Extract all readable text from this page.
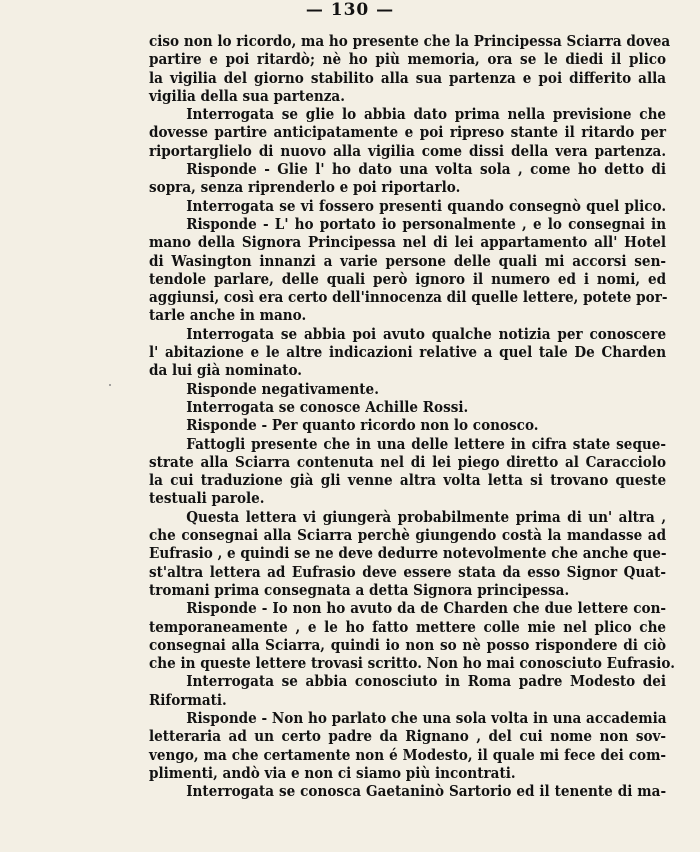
— 130 —
ciso non lo ricordo, ma ho presente che la Principessa Sciarra dovea
partire e poi ritardò; nè ho più memoria, ora se le diedi il plico
la vigilia del giorno stabilito alla sua partenza e poi differito alla
vigilia della sua partenza.
Interrogata se glie lo abbia dato prima nella previsione che
dovesse partire anticipatamente e poi ripreso stante il ritardo per
riportarglielo di nuovo alla vigilia come dissi della vera partenza.
Risponde - Glie l' ho dato una volta sola , come ho detto di
sopra, senza riprenderlo e poi riportarlo.
Interrogata se vi fossero presenti quando consegnò quel plico.
Risponde - L' ho portato io personalmente , e lo consegnai in
mano della Signora Principessa nel di lei appartamento all' Hotel
di Wasington innanzi a varie persone delle quali mi accorsi sen-
tendole parlare, delle quali però ignoro il numero ed i nomi, ed
aggiunsi, così era certo dell'innocenza dil quelle lettere, potete por-
tarle anche in mano.
Interrogata se abbia poi avuto qualche notizia per conoscere
l' abitazione e le altre indicazioni relative a quel tale De Charden
da lui già nominato.
Risponde negativamente.
Interrogata se conosce Achille Rossi.
Risponde - Per quanto ricordo non lo conosco.
Fattogli presente che in una delle lettere in cifra state seque-
strate alla Sciarra contenuta nel di lei piego diretto al Caracciolo
la cui traduzione già gli venne altra volta letta si trovano queste
testuali parole.
Questa lettera vi giungerà probabilmente prima di un' altra ,
che consegnai alla Sciarra perchè giungendo costà la mandasse ad
Eufrasio , e quindi se ne deve dedurre notevolmente che anche que-
st'altra lettera ad Eufrasio deve essere stata da esso Signor Quat-
tromani prima consegnata a detta Signora principessa.
Risponde - Io non ho avuto da de Charden che due lettere con-
temporaneamente , e le ho fatto mettere colle mie nel plico che
consegnai alla Sciarra, quindi io non so nè posso rispondere di ciò
che in queste lettere trovasi scritto. Non ho mai conosciuto Eufrasio.
Interrogata se abbia conosciuto in Roma padre Modesto dei
Riformati.
Risponde - Non ho parlato che una sola volta in una accademia
letteraria ad un certo padre da Rignano , del cui nome non sov-
vengo, ma che certamente non é Modesto, il quale mi fece dei com-
plimenti, andò via e non ci siamo più incontrati.
Interrogata se conosca Gaetaninò Sartorio ed il tenente di ma-
